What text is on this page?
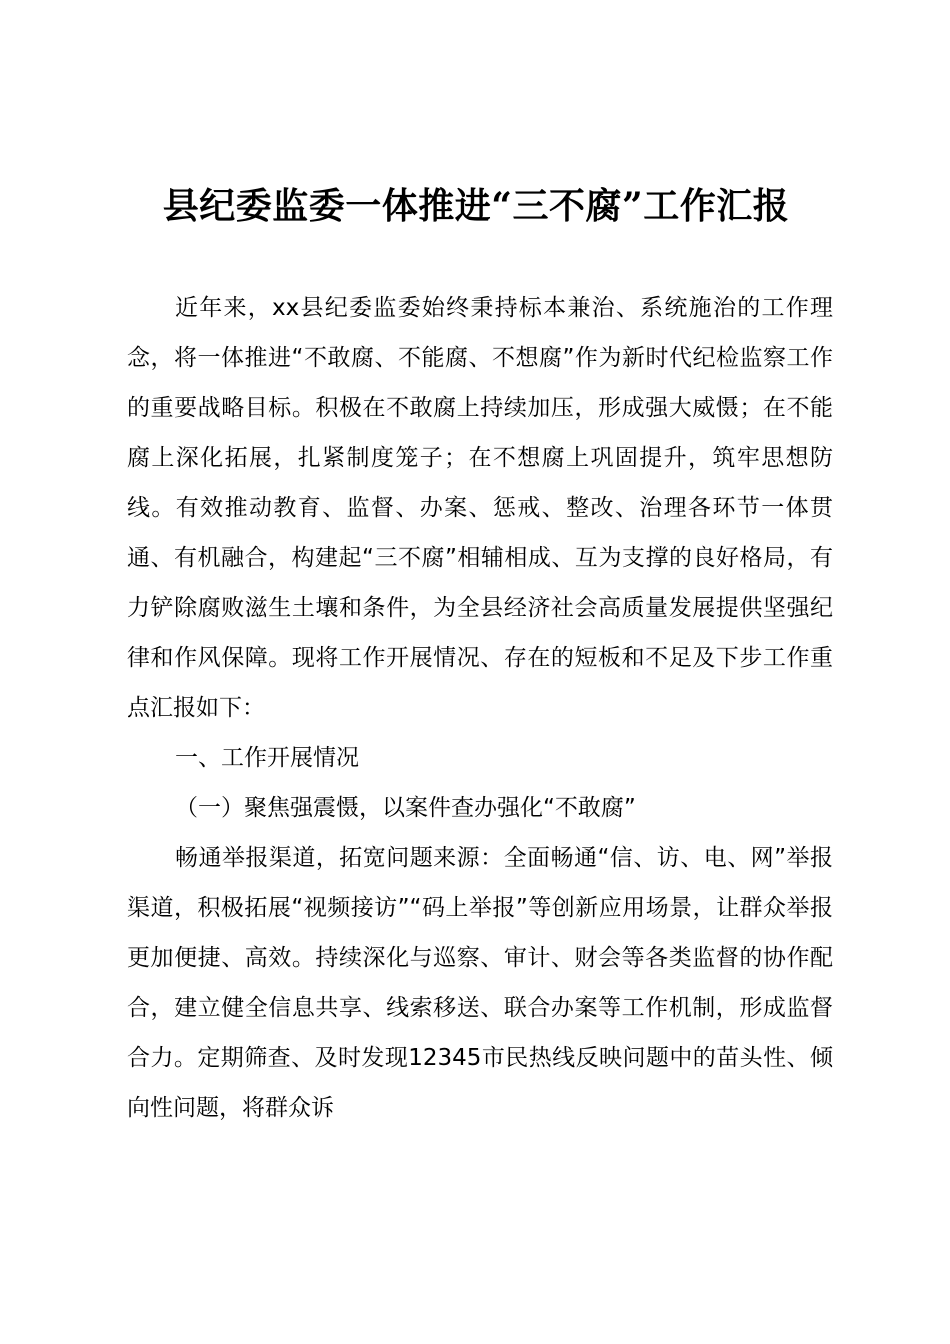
县纪委监委一体推进“三不腐”工作汇报

近年来，xx县纪委监委始终秉持标本兼治、系统施治的工作理念，将一体推进“不敢腐、不能腐、不想腐”作为新时代纪检监察工作的重要战略目标。积极在不敢腐上持续加压，形成强大威慑；在不能腐上深化拓展，扎紧制度笼子；在不想腐上巩固提升，筑牢思想防线。有效推动教育、监督、办案、惩戒、整改、治理各环节一体贯通、有机融合，构建起“三不腐”相辅相成、互为支撑的良好格局，有力铲除腐败滋生土壤和条件，为全县经济社会高质量发展提供坚强纪律和作风保障。现将工作开展情况、存在的短板和不足及下步工作重点汇报如下：

一、工作开展情况

（一）聚焦强震慑，以案件查办强化“不敢腐”

畅通举报渠道，拓宽问题来源：全面畅通“信、访、电、网”举报渠道，积极拓展“视频接访”“码上举报”等创新应用场景，让群众举报更加便捷、高效。持续深化与巡察、审计、财会等各类监督的协作配合，建立健全信息共享、线索移送、联合办案等工作机制，形成监督合力。定期筛查、及时发现12345市民热线反映问题中的苗头性、倾向性问题，将群众诉
